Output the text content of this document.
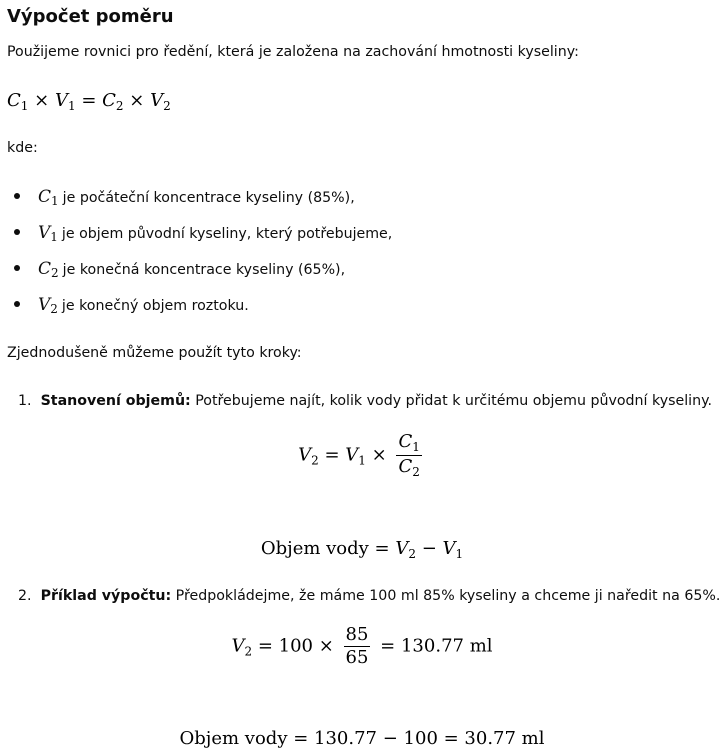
Výpočet poměru
Použijeme rovnici pro ředění, která je založena na zachování hmotnosti kyseliny:
$C_1 \times V_1 = C_2 \times V_2$
kde:
$C_1$ je počáteční koncentrace kyseliny (85%),
$V_1$ je objem původní kyseliny, který potřebujeme,
$C_2$ je konečná koncentrace kyseliny (65%),
$V_2$ je konečný objem roztoku.
Zjednodušeně můžeme použít tyto kroky:
1. Stanovení objemů: Potřebujeme najít, kolik vody přidat k určitému objemu původní kyseliny.
$V_2 = V_1 \times \frac{C_1}{C_2}$
Objem vody = $V_2 - V_1$
2. Příklad výpočtu: Předpokládejme, že máme 100 ml 85% kyseliny a chceme ji naředit na 65%.
$V_2 = 100 \times \frac{85}{65} = 130.77$ ml
Objem vody = 130.77 − 100 = 30.77 ml
